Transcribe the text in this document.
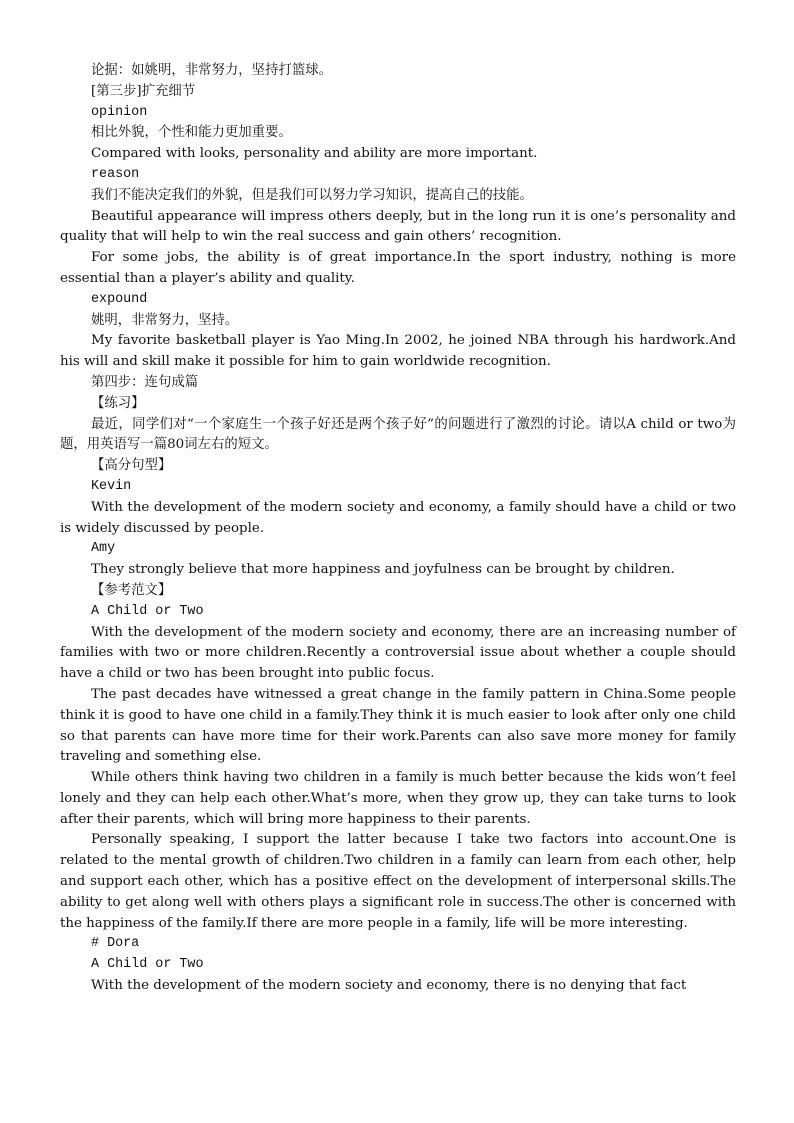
论据：如姚明，非常努力，坚持打篮球。

[第三步]扩充细节

opinion

相比外貌，个性和能力更加重要。

Compared with looks, personality and ability are more important.

reason

我们不能决定我们的外貌，但是我们可以努力学习知识，提高自己的技能。

Beautiful appearance will impress others deeply, but in the long run it is one’s personality and quality that will help to win the real success and gain others’ recognition.

For some jobs, the ability is of great importance.In the sport industry, nothing is more essential than a player’s ability and quality.

expound

姚明，非常努力，坚持。

My favorite basketball player is Yao Ming.In 2002, he joined NBA through his hardwork.And his will and skill make it possible for him to gain worldwide recognition.

第四步：连句成篇

【练习】

最近，同学们对“一个家庭生一个孩子好还是两个孩子好”的问题进行了激烈的讨论。请以A child or two为题，用英语写一篇80词左右的短文。

【高分句型】

Kevin

With the development of the modern society and economy, a family should have a child or two is widely discussed by people.

Amy

They strongly believe that more happiness and joyfulness can be brought by children.

【参考范文】

A Child or Two

With the development of the modern society and economy, there are an increasing number of families with two or more children.Recently a controversial issue about whether a couple should have a child or two has been brought into public focus.

The past decades have witnessed a great change in the family pattern in China.Some people think it is good to have one child in a family.They think it is much easier to look after only one child so that parents can have more time for their work.Parents can also save more money for family traveling and something else.

While others think having two children in a family is much better because the kids won’t feel lonely and they can help each other.What’s more, when they grow up, they can take turns to look after their parents, which will bring more happiness to their parents.

Personally speaking, I support the latter because I take two factors into account.One is related to the mental growth of children.Two children in a family can learn from each other, help and support each other, which has a positive effect on the development of interpersonal skills.The ability to get along well with others plays a significant role in success.The other is concerned with the happiness of the family.If there are more people in a family, life will be more interesting.

# Dora

A Child or Two

With the development of the modern society and economy, there is no denying that fact
